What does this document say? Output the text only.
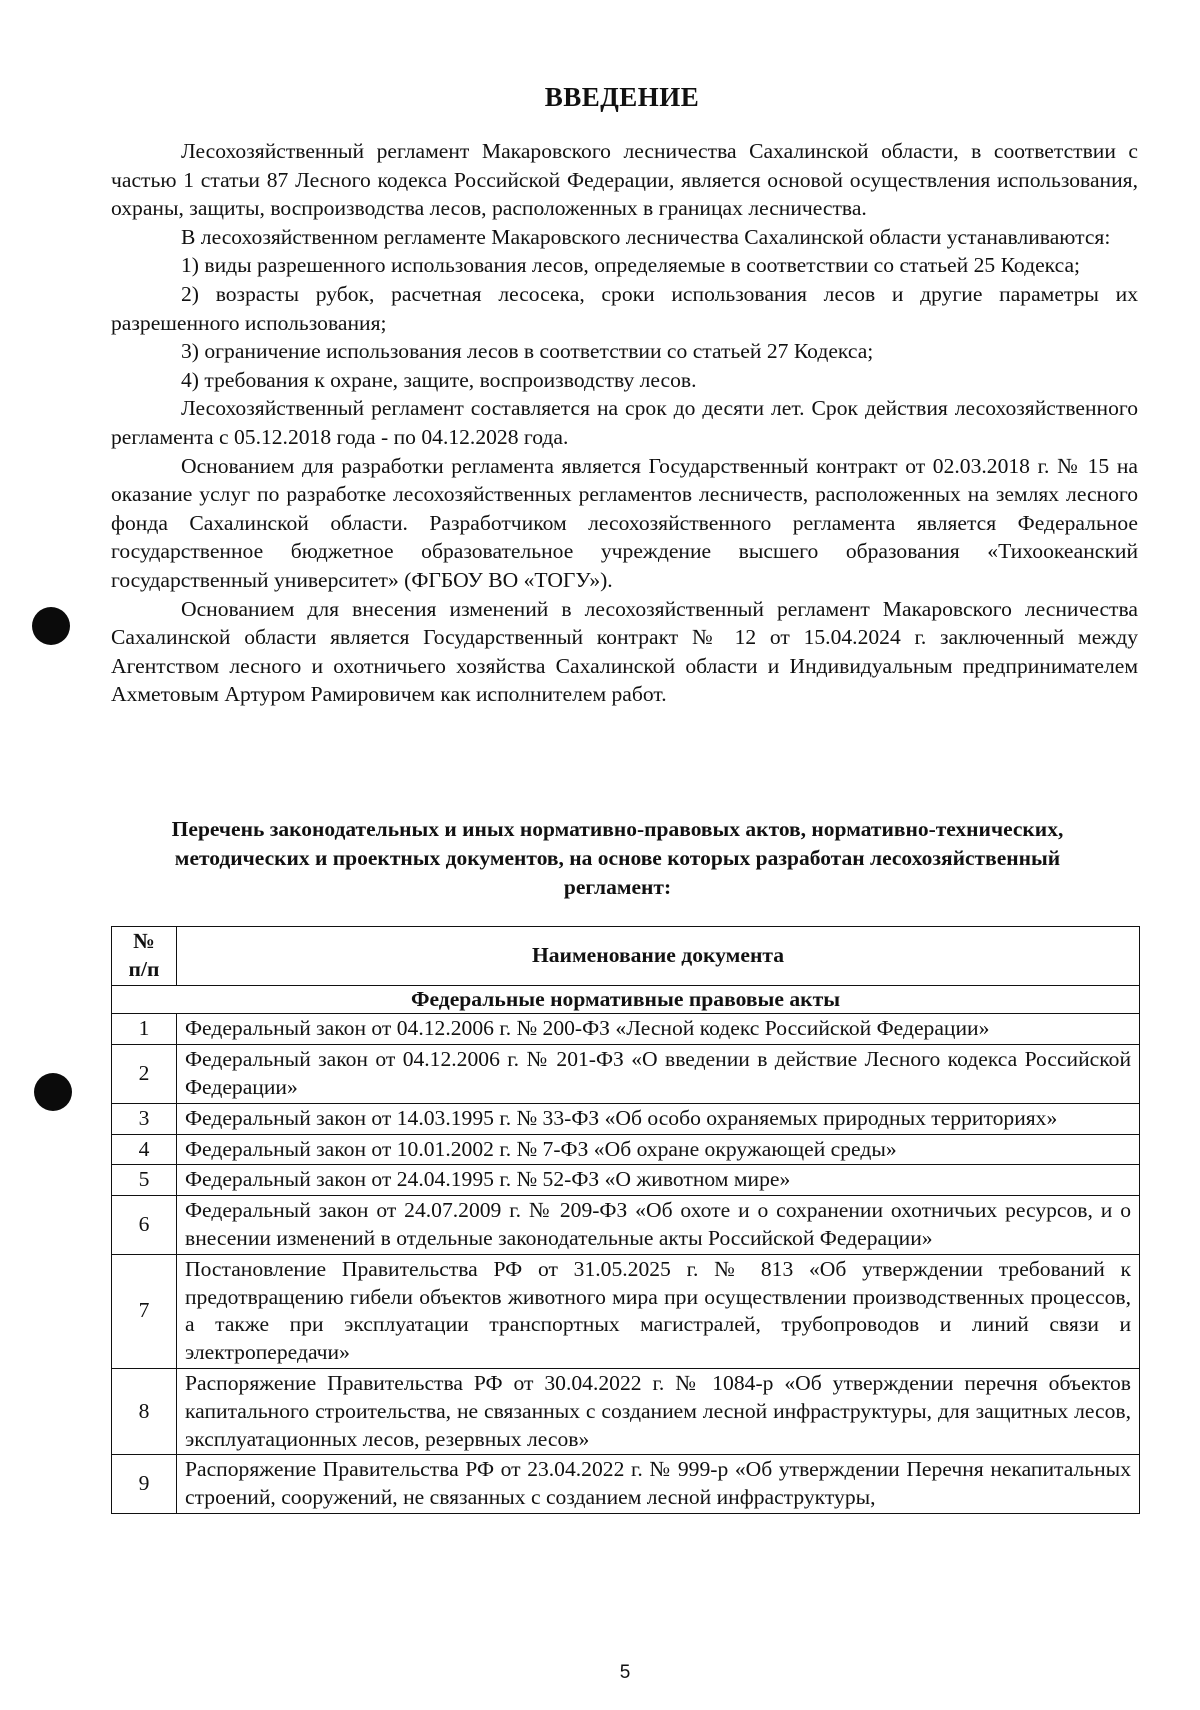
ВВЕДЕНИЕ

Лесохозяйственный регламент Макаровского лесничества Сахалинской области, в соответствии с частью 1 статьи 87 Лесного кодекса Российской Федерации, является основой осуществления использования, охраны, защиты, воспроизводства лесов, расположенных в границах лесничества.

В лесохозяйственном регламенте Макаровского лесничества Сахалинской области устанавливаются:

1) виды разрешенного использования лесов, определяемые в соответствии со статьей 25 Кодекса;

2) возрасты рубок, расчетная лесосека, сроки использования лесов и другие параметры их разрешенного использования;

3) ограничение использования лесов в соответствии со статьей 27 Кодекса;

4) требования к охране, защите, воспроизводству лесов.

Лесохозяйственный регламент составляется на срок до десяти лет. Срок действия лесохозяйственного регламента с 05.12.2018 года - по 04.12.2028 года.

Основанием для разработки регламента является Государственный контракт от 02.03.2018 г. № 15 на оказание услуг по разработке лесохозяйственных регламентов лесничеств, расположенных на землях лесного фонда Сахалинской области. Разработчиком лесохозяйственного регламента является Федеральное государственное бюджетное образовательное учреждение высшего образования «Тихоокеанский государственный университет» (ФГБОУ ВО «ТОГУ»).

Основанием для внесения изменений в лесохозяйственный регламент Макаровского лесничества Сахалинской области является Государственный контракт № 12 от 15.04.2024 г. заключенный между Агентством лесного и охотничьего хозяйства Сахалинской области и Индивидуальным предпринимателем Ахметовым Артуром Рамировичем как исполнителем работ.

Перечень законодательных и иных нормативно-правовых актов, нормативно-технических, методических и проектных документов, на основе которых разработан лесохозяйственный регламент:
№
п/п	Наименование документа
Федеральные нормативные правовые акты	
1	Федеральный закон от 04.12.2006 г. № 200-ФЗ «Лесной кодекс Российской Федерации»
2	Федеральный закон от 04.12.2006 г. № 201-ФЗ «О введении в действие Лесного кодекса Российской Федерации»
3	Федеральный закон от 14.03.1995 г. № 33-ФЗ «Об особо охраняемых природных территориях»
4	Федеральный закон от 10.01.2002 г. № 7-ФЗ «Об охране окружающей среды»
5	Федеральный закон от 24.04.1995 г. № 52-ФЗ «О животном мире»
6	Федеральный закон от 24.07.2009 г. № 209-ФЗ «Об охоте и о сохранении охотничьих ресурсов, и о внесении изменений в отдельные законодательные акты Российской Федерации»
7	Постановление Правительства РФ от 31.05.2025 г. № 813 «Об утверждении требований к предотвращению гибели объектов животного мира при осуществлении производственных процессов, а также при эксплуатации транспортных магистралей, трубопроводов и линий связи и электропередачи»
8	Распоряжение Правительства РФ от 30.04.2022 г. № 1084-р «Об утверждении перечня объектов капитального строительства, не связанных с созданием лесной инфраструктуры, для защитных лесов, эксплуатационных лесов, резервных лесов»
9	Распоряжение Правительства РФ от 23.04.2022 г. № 999-р «Об утверждении Перечня некапитальных строений, сооружений, не связанных с созданием лесной инфраструктуры,
5
